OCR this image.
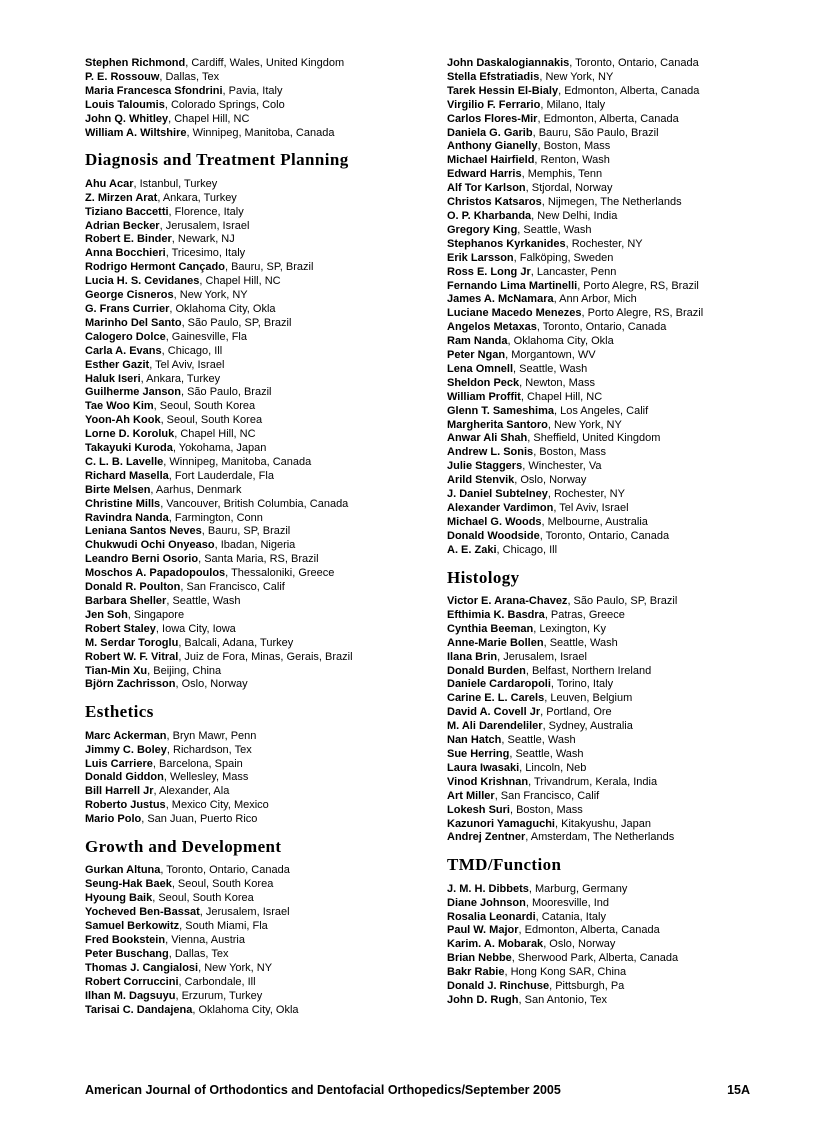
Stephen Richmond, Cardiff, Wales, United Kingdom
P. E. Rossouw, Dallas, Tex
Maria Francesca Sfondrini, Pavia, Italy
Louis Taloumis, Colorado Springs, Colo
John Q. Whitley, Chapel Hill, NC
William A. Wiltshire, Winnipeg, Manitoba, Canada
Diagnosis and Treatment Planning
Ahu Acar, Istanbul, Turkey
Z. Mirzen Arat, Ankara, Turkey
Tiziano Baccetti, Florence, Italy
Adrian Becker, Jerusalem, Israel
Robert E. Binder, Newark, NJ
Anna Bocchieri, Tricesimo, Italy
Rodrigo Hermont Cançado, Bauru, SP, Brazil
Lucia H. S. Cevidanes, Chapel Hill, NC
George Cisneros, New York, NY
G. Frans Currier, Oklahoma City, Okla
Marinho Del Santo, São Paulo, SP, Brazil
Calogero Dolce, Gainesville, Fla
Carla A. Evans, Chicago, Ill
Esther Gazit, Tel Aviv, Israel
Haluk Iseri, Ankara, Turkey
Guilherme Janson, São Paulo, Brazil
Tae Woo Kim, Seoul, South Korea
Yoon-Ah Kook, Seoul, South Korea
Lorne D. Koroluk, Chapel Hill, NC
Takayuki Kuroda, Yokohama, Japan
C. L. B. Lavelle, Winnipeg, Manitoba, Canada
Richard Masella, Fort Lauderdale, Fla
Birte Melsen, Aarhus, Denmark
Christine Mills, Vancouver, British Columbia, Canada
Ravindra Nanda, Farmington, Conn
Leniana Santos Neves, Bauru, SP, Brazil
Chukwudi Ochi Onyeaso, Ibadan, Nigeria
Leandro Berni Osorio, Santa Maria, RS, Brazil
Moschos A. Papadopoulos, Thessaloniki, Greece
Donald R. Poulton, San Francisco, Calif
Barbara Sheller, Seattle, Wash
Jen Soh, Singapore
Robert Staley, Iowa City, Iowa
M. Serdar Toroglu, Balcali, Adana, Turkey
Robert W. F. Vitral, Juiz de Fora, Minas, Gerais, Brazil
Tian-Min Xu, Beijing, China
Björn Zachrisson, Oslo, Norway
Esthetics
Marc Ackerman, Bryn Mawr, Penn
Jimmy C. Boley, Richardson, Tex
Luis Carriere, Barcelona, Spain
Donald Giddon, Wellesley, Mass
Bill Harrell Jr, Alexander, Ala
Roberto Justus, Mexico City, Mexico
Mario Polo, San Juan, Puerto Rico
Growth and Development
Gurkan Altuna, Toronto, Ontario, Canada
Seung-Hak Baek, Seoul, South Korea
Hyoung Baik, Seoul, South Korea
Yocheved Ben-Bassat, Jerusalem, Israel
Samuel Berkowitz, South Miami, Fla
Fred Bookstein, Vienna, Austria
Peter Buschang, Dallas, Tex
Thomas J. Cangialosi, New York, NY
Robert Corruccini, Carbondale, Ill
Ilhan M. Dagsuyu, Erzurum, Turkey
Tarisai C. Dandajena, Oklahoma City, Okla
John Daskalogiannakis, Toronto, Ontario, Canada
Stella Efstratiadis, New York, NY
Tarek Hessin El-Bialy, Edmonton, Alberta, Canada
Virgilio F. Ferrario, Milano, Italy
Carlos Flores-Mir, Edmonton, Alberta, Canada
Daniela G. Garib, Bauru, São Paulo, Brazil
Anthony Gianelly, Boston, Mass
Michael Hairfield, Renton, Wash
Edward Harris, Memphis, Tenn
Alf Tor Karlson, Stjordal, Norway
Christos Katsaros, Nijmegen, The Netherlands
O. P. Kharbanda, New Delhi, India
Gregory King, Seattle, Wash
Stephanos Kyrkanides, Rochester, NY
Erik Larsson, Falköping, Sweden
Ross E. Long Jr, Lancaster, Penn
Fernando Lima Martinelli, Porto Alegre, RS, Brazil
James A. McNamara, Ann Arbor, Mich
Luciane Macedo Menezes, Porto Alegre, RS, Brazil
Angelos Metaxas, Toronto, Ontario, Canada
Ram Nanda, Oklahoma City, Okla
Peter Ngan, Morgantown, WV
Lena Omnell, Seattle, Wash
Sheldon Peck, Newton, Mass
William Proffit, Chapel Hill, NC
Glenn T. Sameshima, Los Angeles, Calif
Margherita Santoro, New York, NY
Anwar Ali Shah, Sheffield, United Kingdom
Andrew L. Sonis, Boston, Mass
Julie Staggers, Winchester, Va
Arild Stenvik, Oslo, Norway
J. Daniel Subtelney, Rochester, NY
Alexander Vardimon, Tel Aviv, Israel
Michael G. Woods, Melbourne, Australia
Donald Woodside, Toronto, Ontario, Canada
A. E. Zaki, Chicago, Ill
Histology
Victor E. Arana-Chavez, São Paulo, SP, Brazil
Efthimia K. Basdra, Patras, Greece
Cynthia Beeman, Lexington, Ky
Anne-Marie Bollen, Seattle, Wash
Ilana Brin, Jerusalem, Israel
Donald Burden, Belfast, Northern Ireland
Daniele Cardaropoli, Torino, Italy
Carine E. L. Carels, Leuven, Belgium
David A. Covell Jr, Portland, Ore
M. Ali Darendeliler, Sydney, Australia
Nan Hatch, Seattle, Wash
Sue Herring, Seattle, Wash
Laura Iwasaki, Lincoln, Neb
Vinod Krishnan, Trivandrum, Kerala, India
Art Miller, San Francisco, Calif
Lokesh Suri, Boston, Mass
Kazunori Yamaguchi, Kitakyushu, Japan
Andrej Zentner, Amsterdam, The Netherlands
TMD/Function
J. M. H. Dibbets, Marburg, Germany
Diane Johnson, Mooresville, Ind
Rosalia Leonardi, Catania, Italy
Paul W. Major, Edmonton, Alberta, Canada
Karim. A. Mobarak, Oslo, Norway
Brian Nebbe, Sherwood Park, Alberta, Canada
Bakr Rabie, Hong Kong SAR, China
Donald J. Rinchuse, Pittsburgh, Pa
John D. Rugh, San Antonio, Tex
American Journal of Orthodontics and Dentofacial Orthopedics/September 2005	15A
